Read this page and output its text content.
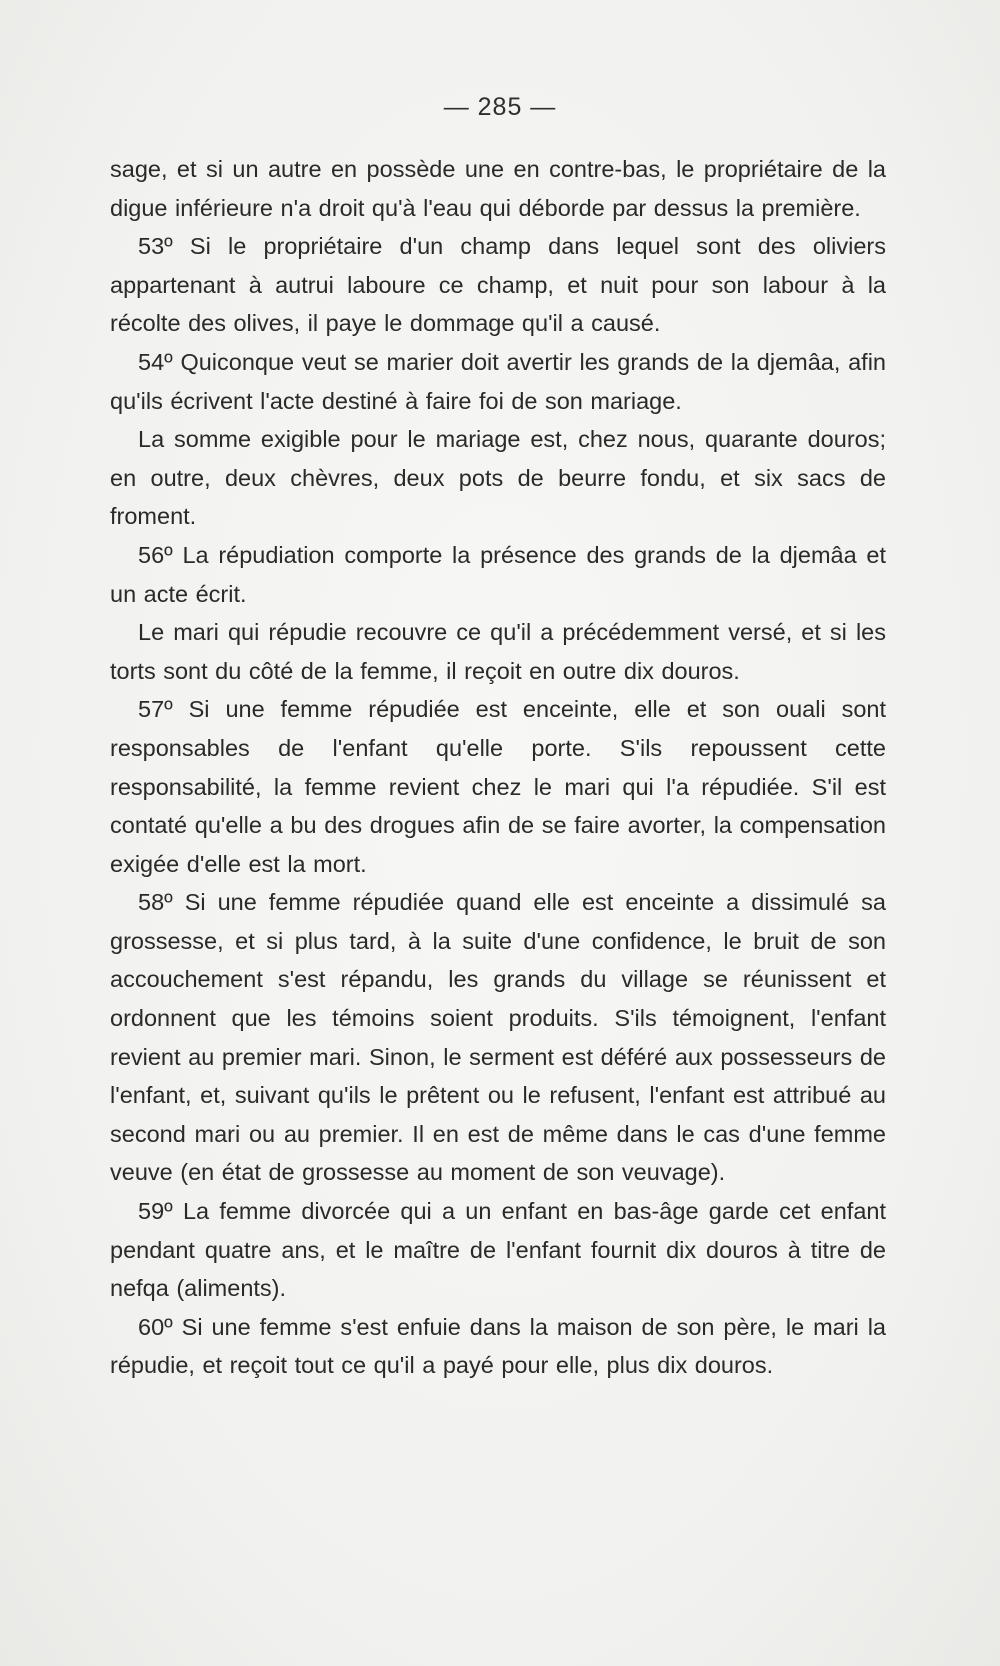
— 285 —

sage, et si un autre en possède une en contre-bas, le propriétaire de la digue inférieure n'a droit qu'à l'eau qui déborde par dessus la première.

53º Si le propriétaire d'un champ dans lequel sont des oliviers appartenant à autrui laboure ce champ, et nuit pour son labour à la récolte des olives, il paye le dommage qu'il a causé.

54º Quiconque veut se marier doit avertir les grands de la djemâa, afin qu'ils écrivent l'acte destiné à faire foi de son mariage.

La somme exigible pour le mariage est, chez nous, quarante douros; en outre, deux chèvres, deux pots de beurre fondu, et six sacs de froment.

56º La répudiation comporte la présence des grands de la djemâa et un acte écrit.

Le mari qui répudie recouvre ce qu'il a précédemment versé, et si les torts sont du côté de la femme, il reçoit en outre dix douros.

57º Si une femme répudiée est enceinte, elle et son ouali sont responsables de l'enfant qu'elle porte. S'ils repoussent cette responsabilité, la femme revient chez le mari qui l'a répudiée. S'il est contaté qu'elle a bu des drogues afin de se faire avorter, la compensation exigée d'elle est la mort.

58º Si une femme répudiée quand elle est enceinte a dissimulé sa grossesse, et si plus tard, à la suite d'une confidence, le bruit de son accouchement s'est répandu, les grands du village se réunissent et ordonnent que les témoins soient produits. S'ils témoignent, l'enfant revient au premier mari. Sinon, le serment est déféré aux possesseurs de l'enfant, et, suivant qu'ils le prêtent ou le refusent, l'enfant est attribué au second mari ou au premier. Il en est de même dans le cas d'une femme veuve (en état de grossesse au moment de son veuvage).

59º La femme divorcée qui a un enfant en bas-âge garde cet enfant pendant quatre ans, et le maître de l'enfant fournit dix douros à titre de nefqa (aliments).

60º Si une femme s'est enfuie dans la maison de son père, le mari la répudie, et reçoit tout ce qu'il a payé pour elle, plus dix douros.
